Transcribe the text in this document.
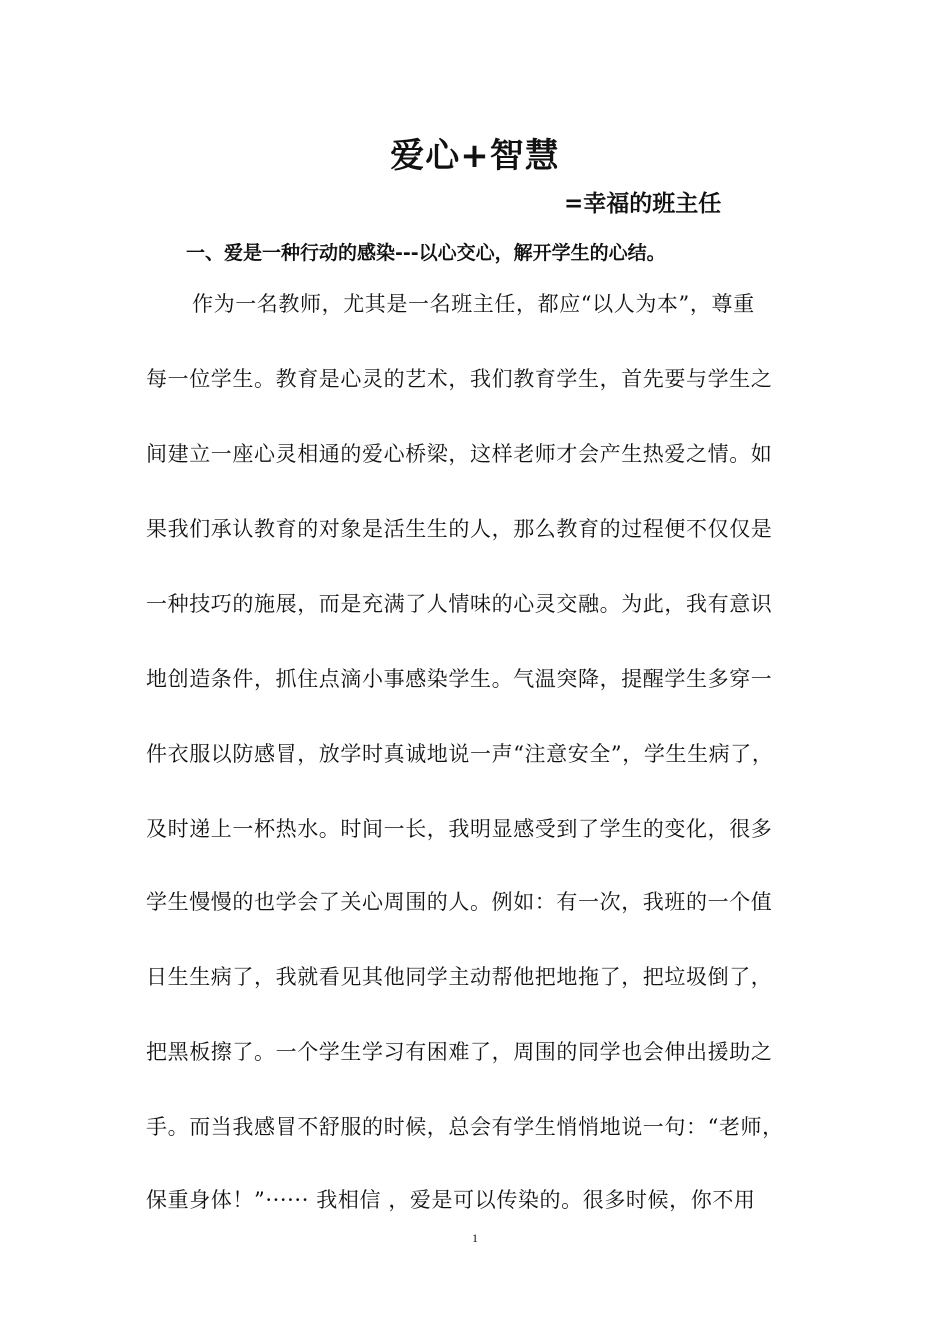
爱心+智慧
=幸福的班主任
一、爱是一种行动的感染---以心交心，解开学生的心结。
作为一名教师，尤其是一名班主任，都应“以人为本”，尊重
每一位学生。教育是心灵的艺术，我们教育学生，首先要与学生之
间建立一座心灵相通的爱心桥梁，这样老师才会产生热爱之情。如
果我们承认教育的对象是活生生的人，那么教育的过程便不仅仅是
一种技巧的施展，而是充满了人情味的心灵交融。为此，我有意识
地创造条件，抓住点滴小事感染学生。气温突降，提醒学生多穿一
件衣服以防感冒，放学时真诚地说一声“注意安全”，学生生病了，
及时递上一杯热水。时间一长，我明显感受到了学生的变化，很多
学生慢慢的也学会了关心周围的人。例如：有一次，我班的一个值
日生生病了，我就看见其他同学主动帮他把地拖了，把垃圾倒了，
把黑板擦了。一个学生学习有困难了，周围的同学也会伸出援助之
手。而当我感冒不舒服的时候，总会有学生悄悄地说一句：“老师，
保重身体！”······ 我相信 ，爱是可以传染的。很多时候，你不用
1
